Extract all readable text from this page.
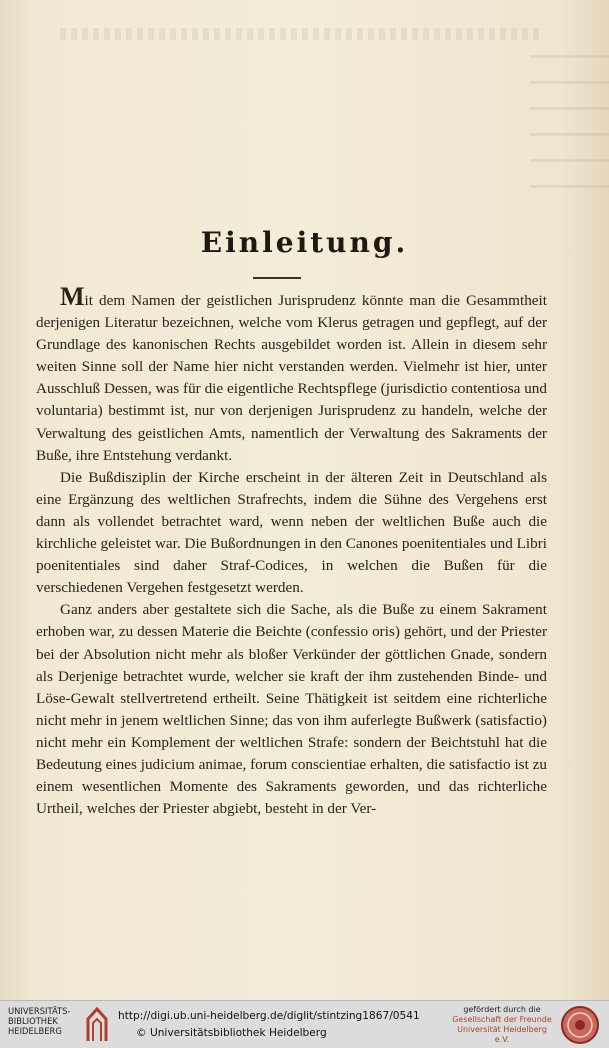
Einleitung.

Mit dem Namen der geistlichen Jurisprudenz könnte man die Gesammtheit derjenigen Literatur bezeichnen, welche vom Klerus getragen und gepflegt, auf der Grundlage des kanonischen Rechts ausgebildet worden ist. Allein in diesem sehr weiten Sinne soll der Name hier nicht verstanden werden. Vielmehr ist hier, unter Ausschluß Dessen, was für die eigentliche Rechtspflege (jurisdictio contentiosa und voluntaria) bestimmt ist, nur von derjenigen Jurisprudenz zu handeln, welche der Verwaltung des geistlichen Amts, namentlich der Verwaltung des Sakraments der Buße, ihre Entstehung verdankt.

Die Bußdisziplin der Kirche erscheint in der älteren Zeit in Deutschland als eine Ergänzung des weltlichen Strafrechts, indem die Sühne des Vergehens erst dann als vollendet betrachtet ward, wenn neben der weltlichen Buße auch die kirchliche geleistet war. Die Bußordnungen in den Canones poenitentiales und Libri poenitentiales sind daher Straf-Codices, in welchen die Bußen für die verschiedenen Vergehen festgesetzt werden.

Ganz anders aber gestaltete sich die Sache, als die Buße zu einem Sakrament erhoben war, zu dessen Materie die Beichte (confessio oris) gehört, und der Priester bei der Absolution nicht mehr als bloßer Verkünder der göttlichen Gnade, sondern als Derjenige betrachtet wurde, welcher sie kraft der ihm zustehenden Binde- und Löse-Gewalt stellvertretend ertheilt. Seine Thätigkeit ist seitdem eine richterliche nicht mehr in jenem weltlichen Sinne; das von ihm auferlegte Bußwerk (satisfactio) nicht mehr ein Komplement der weltlichen Strafe: sondern der Beichtstuhl hat die Bedeutung eines judicium animae, forum conscientiae erhalten, die satisfactio ist zu einem wesentlichen Momente des Sakraments geworden, und das richterliche Urtheil, welches der Priester abgiebt, besteht in der Ver-

UNIVERSITÄTS-
BIBLIOTHEK
HEIDELBERG
http://digi.ub.uni-heidelberg.de/diglit/stintzing1867/0541
© Universitätsbibliothek Heidelberg
gefördert durch die
Gesellschaft der Freunde
Universität Heidelberg e.V.
